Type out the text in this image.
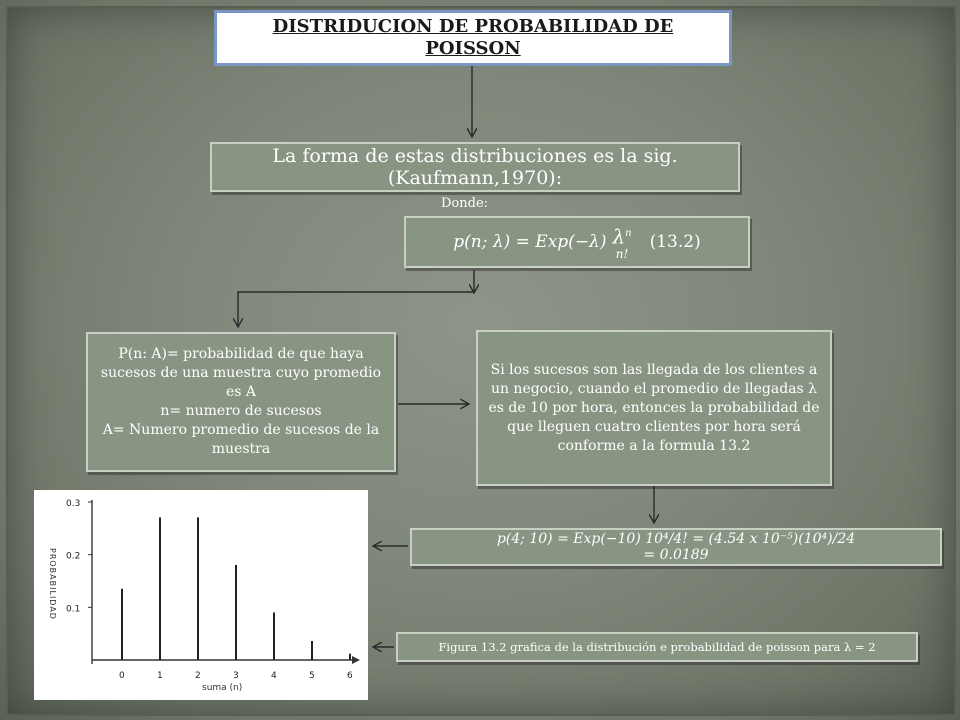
DISTRIDUCION DE PROBABILIDAD DE POISSON
La forma de estas distribuciones es la sig.(Kaufmann,1970):
Donde:
p(n; λ) = Exp(−λ) $\lambda^n$
n!
(13.2)
P(n: A)= probabilidad de que haya sucesos de una muestra cuyo promedio es A
n= numero de sucesos
A= Numero promedio de sucesos de la muestra
Si los sucesos son las llegada de los clientes a un negocio, cuando el promedio de llegadas λ es de 10 por hora, entonces la probabilidad de que lleguen cuatro clientes por hora será conforme a la formula 13.2
p(4; 10) = Exp(−10) 10⁴/4! = (4.54 x 10⁻⁵)(10⁴)/24
= 0.0189
Figura 13.2 grafica de la distribución e probabilidad de poisson para λ = 2
0.1
0.2
0.3
PROBABILIDAD
0	1	2	3	4	5	6
suma (n)
